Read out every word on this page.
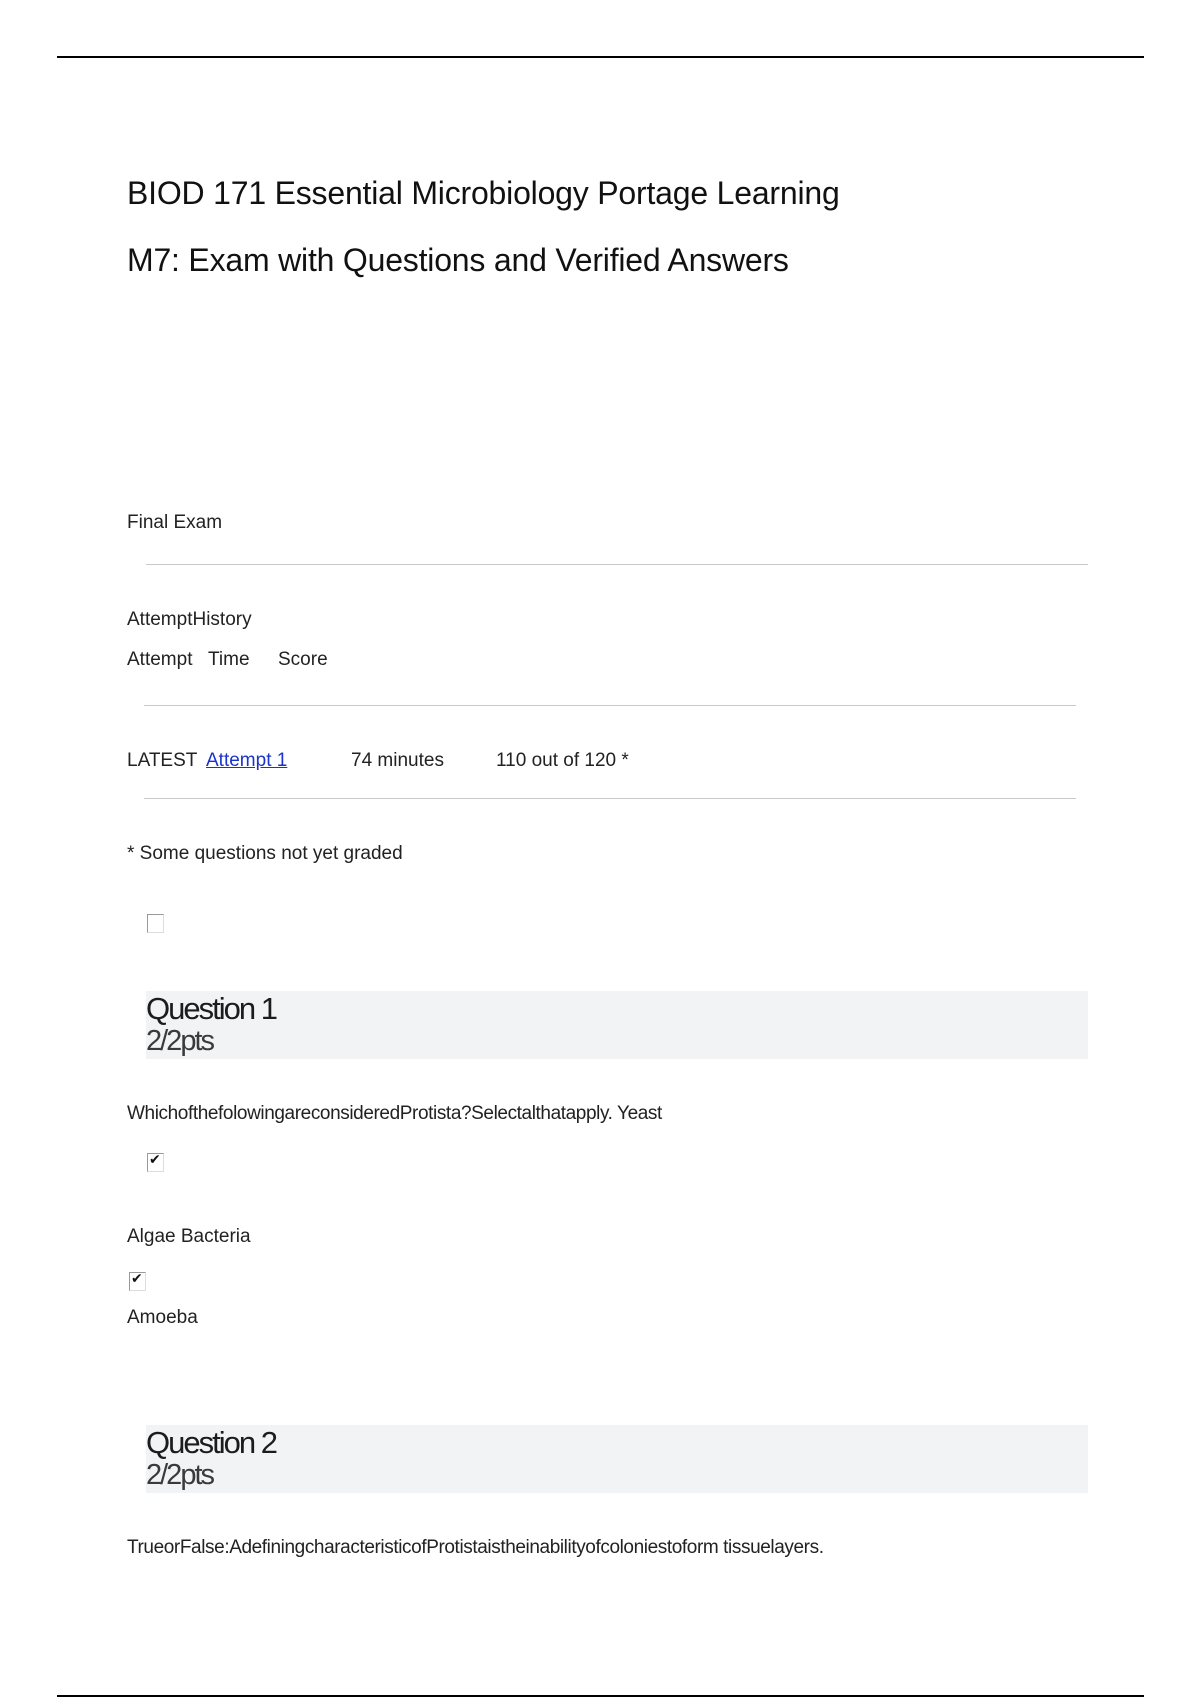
BIOD 171 Essential Microbiology Portage Learning
M7: Exam with Questions and Verified Answers
Final Exam
AttemptHistory
Attempt Time Score
LATEST Attempt 1	74 minutes	110 out of 120 *
* Some questions not yet graded
Question 1
2/2pts
WhichofthefolowingareconsideredProtista?Selectalthatapply. Yeast
✔
Algae Bacteria
✔
Amoeba
Question 2
2/2pts
TrueorFalse:AdefiningcharacteristicofProtistaistheinabilityofcoloniestoform tissuelayers.
